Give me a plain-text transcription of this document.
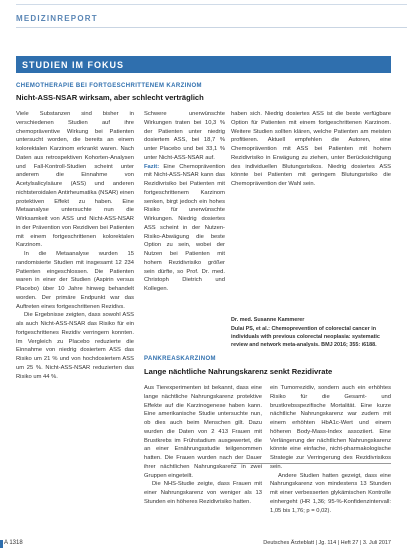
MEDIZINREPORT
STUDIEN IM FOKUS
CHEMOTHERAPIE BEI FORTGESCHRITTENEM KARZINOM
Nicht-ASS-NSAR wirksam, aber schlecht verträglich

Viele Substanzen sind bisher in verschiedenen Studien auf ihre chemopräventive Wirkung bei Patienten untersucht worden, die bereits an einem kolorektalen Karzinom erkrankt waren. Nach Daten aus retrospektiven Kohorten-Analysen und Fall-Kontroll-Studien scheint unter anderem die Einnahme von Acetylsalicylsäure (ASS) und anderen nichtsteroidalen Antirheumatika (NSAR) einen protektiven Effekt zu haben. Eine Metaanalyse untersuchte nun die Wirksamkeit von ASS und Nicht-ASS-NSAR in der Prävention von Rezidiven bei Patienten mit einem fortgeschrittenen kolorektalen Karzinom.

In die Metaanalyse wurden 15 randomisierte Studien mit insgesamt 12 234 Patienten eingeschlossen. Die Patienten waren in einer der Studien (Aspirin versus Placebo) über 10 Jahre hinweg behandelt worden. Der primäre Endpunkt war das Auftreten eines fortgeschrittenen Rezidivs.

Die Ergebnisse zeigten, dass sowohl ASS als auch Nicht-ASS-NSAR das Risiko für ein fortgeschrittenes Rezidiv verringern konnten. Im Vergleich zu Placebo reduzierte die Einnahme von niedrig dosiertem ASS das Risiko um 21 % und von hochdosiertem ASS um 25 %. Nicht-ASS-NSAR reduzierten das Risiko um 44 %.

Schwere unerwünschte Wirkungen traten bei 10,3 % der Patienten unter niedrig dosiertem ASS, bei 18,7 % unter Placebo und bei 33,1 % unter Nicht-ASS-NSAR auf.

Fazit: Eine Chemoprävention mit Nicht-ASS-NSAR kann das Rezidivrisiko bei Patienten mit fortgeschrittenem Karzinom senken, birgt jedoch ein hohes Risiko für unerwünschte Wirkungen. Niedrig dosiertes ASS scheint in der Nutzen-Risiko-Abwägung die beste Option zu sein, wobei der Nutzen bei Patienten mit hohem Rezidivrisiko größer sein dürfte, so Prof. Dr. med. Christoph Dietrich und Kollegen.

haben sich. Niedrig dosiertes ASS ist die beste verfügbare Option für Patienten mit einem fortgeschrittenen Karzinom. Weitere Studien sollten klären, welche Patienten am meisten profitieren. Aktuell empfehlen die Autoren, eine Chemoprävention mit ASS bei Patienten mit hohem Rezidivrisiko in Erwägung zu ziehen, unter Berücksichtigung des individuellen Blutungsrisikos. Niedrig dosiertes ASS könnte bei Patienten mit geringem Blutungsrisiko die Chemoprävention der Wahl sein.

Dr. med. Susanne Kammerer
Dulai PS, et al.: Chemoprevention of colorectal cancer in individuals with previous colorectal neoplasia: systematic review and network meta-analysis. BMJ 2016; 355: i6188.
PANKREASKARZINOM
Lange nächtliche Nahrungskarenz senkt Rezidivrate

Aus Tierexperimenten ist bekannt, dass eine lange nächtliche Nahrungskarenz protektive Effekte auf die Karzinogenese haben kann. Eine amerikanische Studie untersuchte nun, ob dies auch beim Menschen gilt. Dazu wurden die Daten von 2 413 Frauen mit Brustkrebs im Frühstadium ausgewertet, die an einer Ernährungsstudie teilgenommen hatten. Die Frauen wurden nach der Dauer ihrer nächtlichen Nahrungskarenz in zwei Gruppen eingeteilt.

Die NHS-Studie zeigte, dass Frauen mit einer Nahrungskarenz von weniger als 13 Stunden ein höheres Rezidivrisiko hatten.

ein Tumorrezidiv, sondern auch ein erhöhtes Risiko für die Gesamt- und brustkrebsspezifische Mortalität. Eine kurze nächtliche Nahrungskarenz war zudem mit einem erhöhten HbA1c-Wert und einem höheren Body-Mass-Index assoziiert. Eine Verlängerung der nächtlichen Nahrungskarenz könnte eine einfache, nicht-pharmakologische Strategie zur Verringerung des Rezidivrisikos sein.

Andere Studien hatten gezeigt, dass eine Nahrungskarenz von mindestens 13 Stunden mit einer verbesserten glykämischen Kontrolle einhergeht (HR 1,36; 95-%-Konfidenzintervall: 1,05 bis 1,76; p = 0,02).

A 1318	Deutsches Ärzteblatt | Jg. 114 | Heft 27 | 3. Juli 2017
